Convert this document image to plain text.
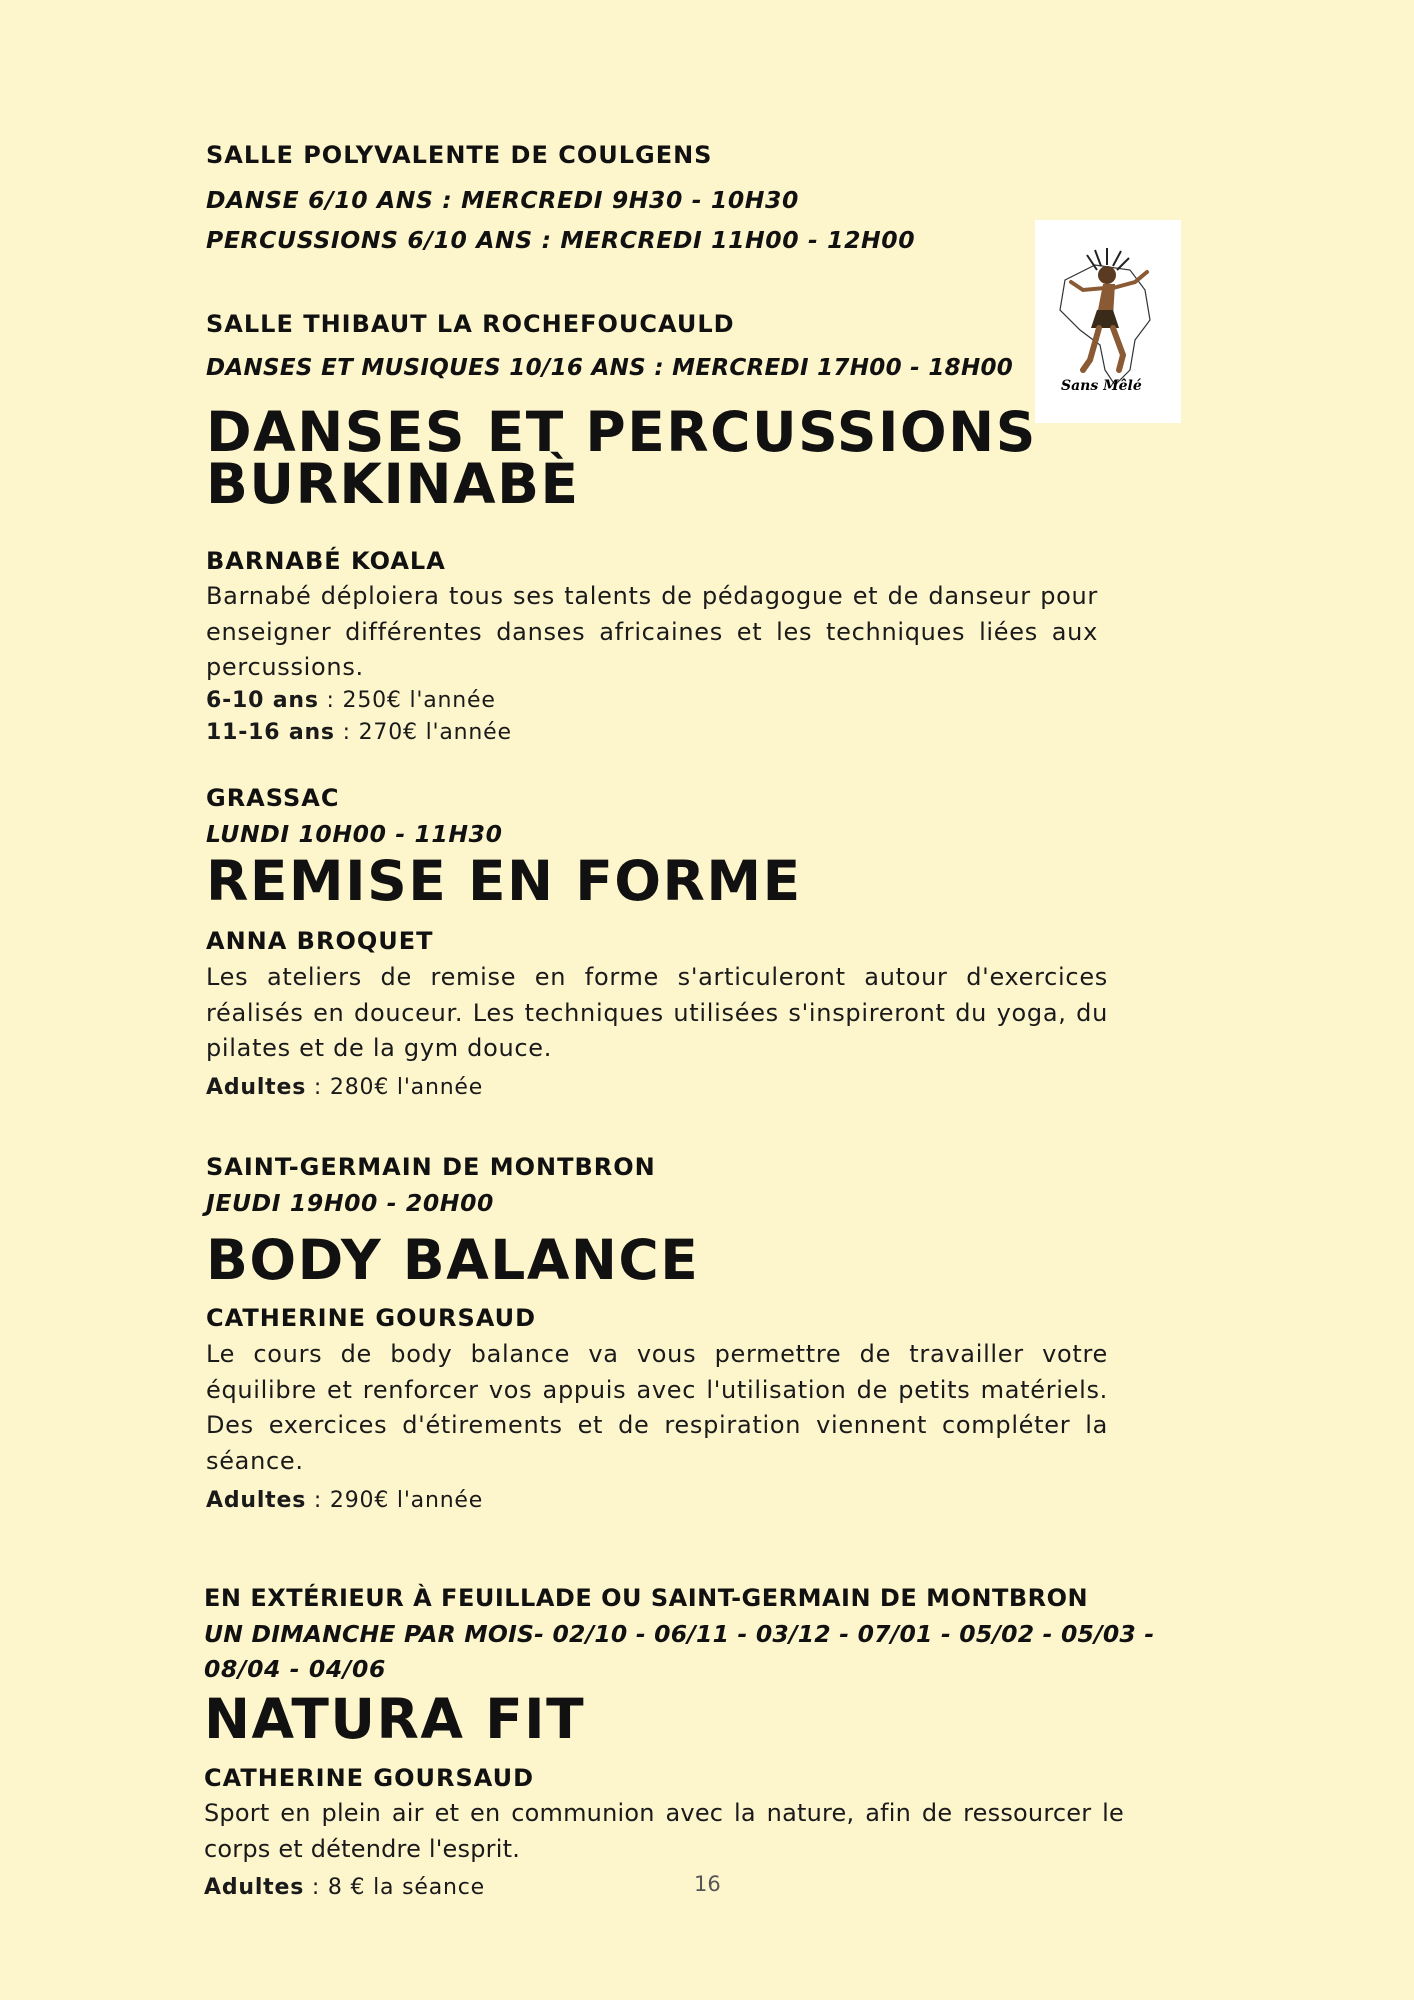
SALLE POLYVALENTE DE COULGENS
DANSE 6/10 ANS : MERCREDI 9H30 - 10H30
PERCUSSIONS 6/10 ANS : MERCREDI 11H00 - 12H00
SALLE THIBAUT LA ROCHEFOUCAULD
DANSES ET MUSIQUES 10/16 ANS : MERCREDI 17H00 - 18H00
Sans Mêlé
DANSES ET PERCUSSIONS
BURKINABÈ
BARNABÉ KOALA
Barnabé déploiera tous ses talents de pédagogue et de danseur pour enseigner différentes danses africaines et les techniques liées aux percussions.
6-10 ans : 250€ l'année
11-16 ans : 270€ l'année
GRASSAC
LUNDI 10H00 - 11H30
REMISE EN FORME
ANNA BROQUET
Les ateliers de remise en forme s'articuleront autour d'exercices réalisés en douceur. Les techniques utilisées s'inspireront du yoga, du pilates et de la gym douce.
Adultes : 280€ l'année
SAINT-GERMAIN DE MONTBRON
JEUDI 19H00 - 20H00
BODY BALANCE
CATHERINE GOURSAUD
Le cours de body balance va vous permettre de travailler votre équilibre et renforcer vos appuis avec l'utilisation de petits matériels. Des exercices d'étirements et de respiration viennent compléter la séance.
Adultes : 290€ l'année
EN EXTÉRIEUR À FEUILLADE OU SAINT-GERMAIN DE MONTBRON
UN DIMANCHE PAR MOIS- 02/10 - 06/11 - 03/12 - 07/01 - 05/02 - 05/03 -
08/04 - 04/06
NATURA FIT
CATHERINE GOURSAUD
Sport en plein air et en communion avec la nature, afin de ressourcer le corps et détendre l'esprit.
Adultes : 8 € la séance	16
